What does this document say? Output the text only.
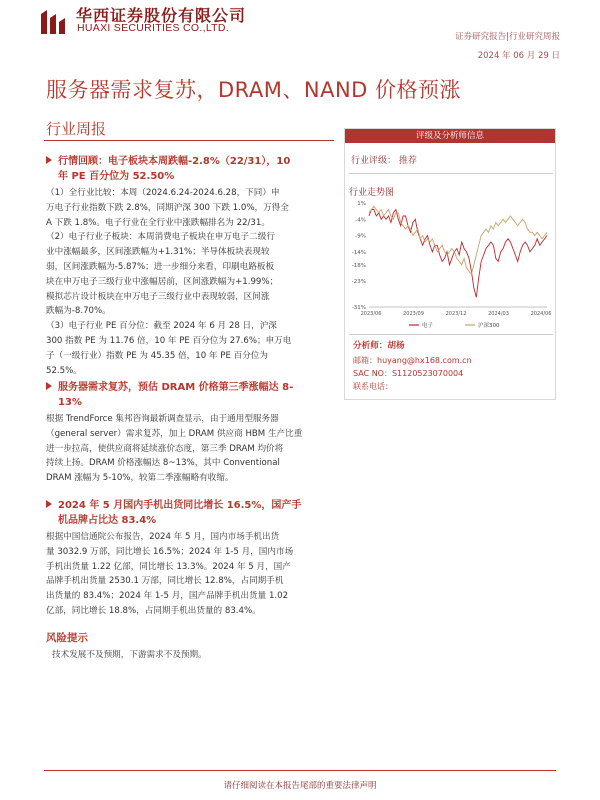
华西证券股份有限公司
HUAXI SECURITIES CO.,LTD.
证券研究报告|行业研究周报
2024 年 06 月 29 日
服务器需求复苏，DRAM、NAND 价格预涨
行业周报

行情回顾：电子板块本周跌幅-2.8%（22/31），10

年 PE 百分位为 52.50%

（1）全行业比较：本周（2024.6.24-2024.6.28，下同）申

万电子行业指数下跌 2.8%，同期沪深 300 下跌 1.0%，万得全

A 下跌 1.8%。电子行业在全行业中涨跌幅排名为 22/31。

（2）电子行业子板块：本周消费电子板块在申万电子二级行

业中涨幅最多，区间涨跌幅为+1.31%；半导体板块表现较

弱，区间涨跌幅为-5.87%；进一步细分来看，印刷电路板板

块在申万电子三级行业中涨幅居前，区间涨跌幅为+1.99%；

模拟芯片设计板块在申万电子三级行业中表现较弱，区间涨

跌幅为-8.70%。

（3）电子行业 PE 百分位：截至 2024 年 6 月 28 日，沪深

300 指数 PE 为 11.76 倍，10 年 PE 百分位为 27.6%；申万电

子（一级行业）指数 PE 为 45.35 倍，10 年 PE 百分位为

52.5%。

服务器需求复苏，预估 DRAM 价格第三季涨幅达 8-

13%

根据 TrendForce 集邦咨询最新调查显示，由于通用型服务器

（general server）需求复苏，加上 DRAM 供应商 HBM 生产比重

进一步拉高，使供应商将延续涨价态度，第三季 DRAM 均价将

持续上扬。DRAM 价格涨幅达 8~13%，其中 Conventional

DRAM 涨幅为 5-10%，较第二季涨幅略有收缩。

2024 年 5 月国内手机出货同比增长 16.5%，国产手

机品牌占比达 83.4%

根据中国信通院公布报告，2024 年 5 月，国内市场手机出货

量 3032.9 万部，同比增长 16.5%；2024 年 1-5 月，国内市场

手机出货量 1.22 亿部，同比增长 13.3%。2024 年 5 月，国产

品牌手机出货量 2530.1 万部，同比增长 12.8%，占同期手机

出货量的 83.4%；2024 年 1-5 月，国产品牌手机出货量 1.02

亿部，同比增长 18.8%，占同期手机出货量的 83.4%。

风险提示
技术发展不及预期，下游需求不及预期。
评级及分析师信息
行业评级： 推荐
行业走势图
1%
-4%
-9%
-14%
-18%
-23%
-31%
2023/06	2023/09	2023/12	2024/03	2024/06
电子	沪深300
分析师：胡杨
邮箱：huyang@hx168.com.cn
SAC NO：S1120523070004
联系电话：
请仔细阅读在本报告尾部的重要法律声明
